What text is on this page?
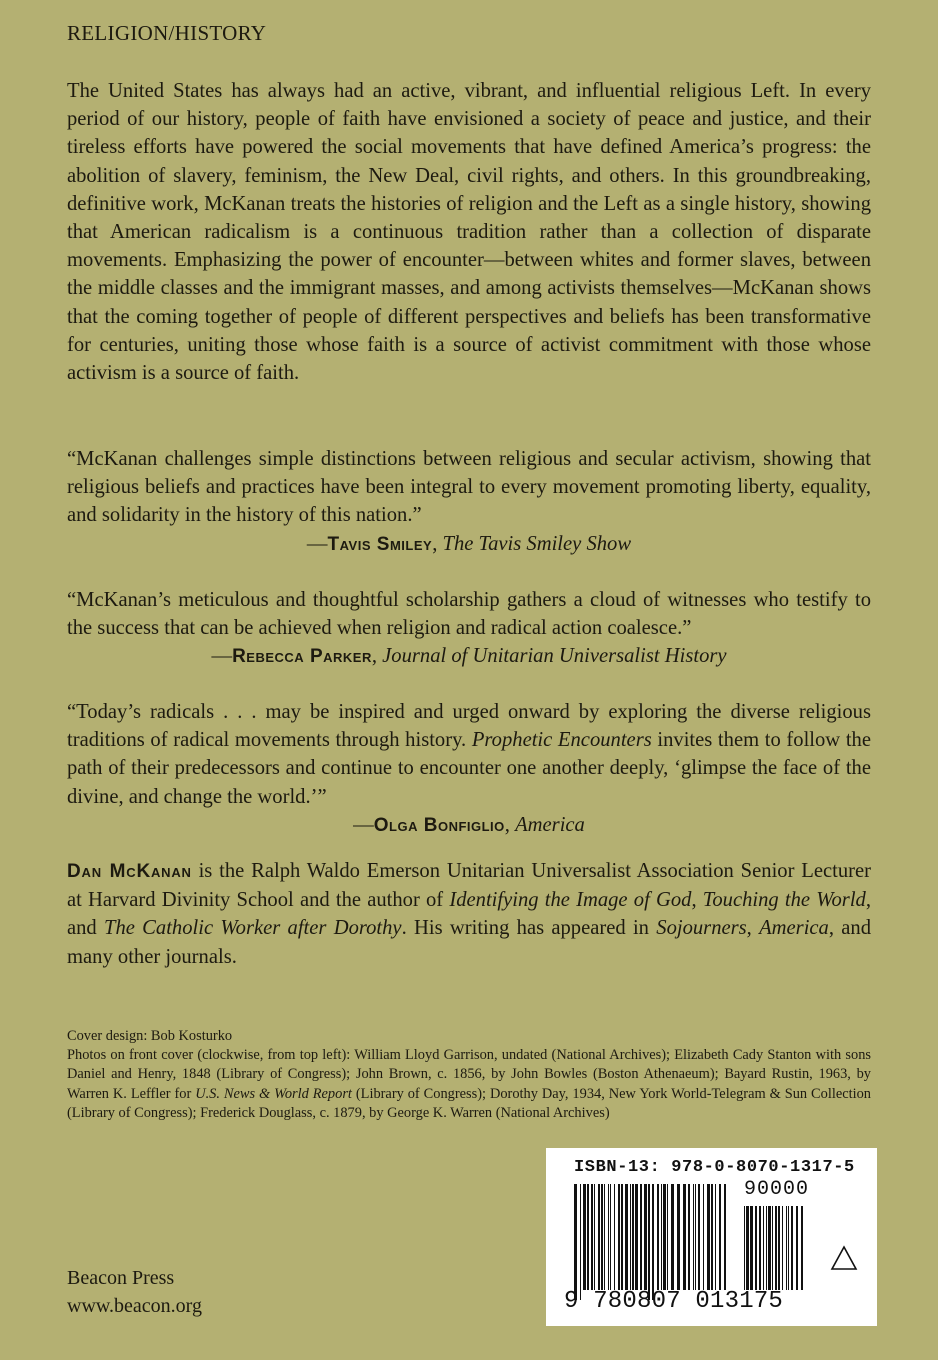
RELIGION/HISTORY
The United States has always had an active, vibrant, and influential religious Left. In every period of our history, people of faith have envisioned a society of peace and justice, and their tireless efforts have powered the social movements that have defined America’s progress: the abolition of slavery, feminism, the New Deal, civil rights, and others. In this groundbreaking, definitive work, McKanan treats the histories of religion and the Left as a single history, showing that American radicalism is a continuous tradition rather than a collection of disparate movements. Emphasizing the power of encounter—between whites and former slaves, between the middle classes and the immigrant masses, and among activists themselves—McKanan shows that the coming together of people of different perspectives and beliefs has been transformative for centuries, uniting those whose faith is a source of activist commitment with those whose activism is a source of faith.
“McKanan challenges simple distinctions between religious and secular activism, showing that religious beliefs and practices have been integral to every movement promoting liberty, equality, and solidarity in the history of this nation.”
—Tavis Smiley, The Tavis Smiley Show
“McKanan’s meticulous and thoughtful scholarship gathers a cloud of witnesses who testify to the success that can be achieved when religion and radical action coalesce.”
—Rebecca Parker, Journal of Unitarian Universalist History
“Today’s radicals . . . may be inspired and urged onward by exploring the diverse religious traditions of radical movements through history. Prophetic Encounters invites them to follow the path of their predecessors and continue to encounter one another deeply, ‘glimpse the face of the divine, and change the world.’”
—Olga Bonfiglio, America
Dan McKanan is the Ralph Waldo Emerson Unitarian Universalist Association Senior Lecturer at Harvard Divinity School and the author of Identifying the Image of God, Touching the World, and The Catholic Worker after Dorothy. His writing has appeared in Sojourners, America, and many other journals.
Cover design: Bob Kosturko
Photos on front cover (clockwise, from top left): William Lloyd Garrison, undated (National Archives); Elizabeth Cady Stanton with sons Daniel and Henry, 1848 (Library of Congress); John Brown, c. 1856, by John Bowles (Boston Athenaeum); Bayard Rustin, 1963, by Warren K. Leffler for U.S. News & World Report (Library of Congress); Dorothy Day, 1934, New York World-Telegram & Sun Collection (Library of Congress); Frederick Douglass, c. 1879, by George K. Warren (National Archives)
Beacon Press
www.beacon.org
ISBN-13: 978-0-8070-1317-5
90000
9 780807 013175
